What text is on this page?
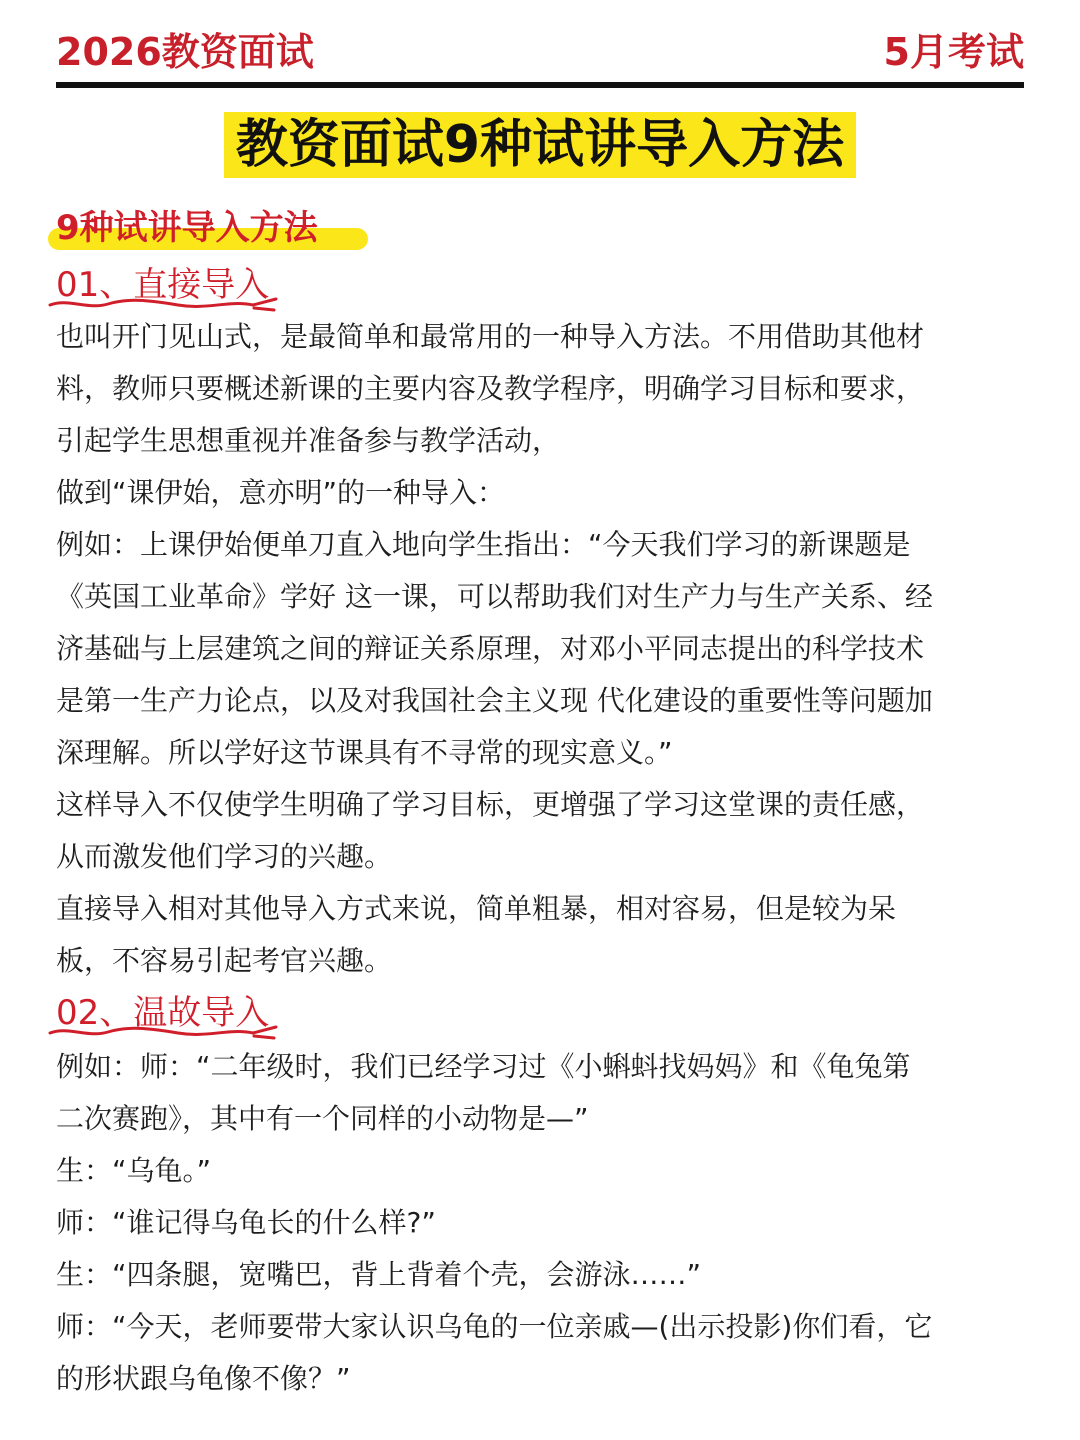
2026教资面试	5月考试
教资面试9种试讲导入方法
9种试讲导入方法
01、直接导入
也叫开门见山式，是最简单和最常用的一种导入方法。不用借助其他材
料，教师只要概述新课的主要内容及教学程序，明确学习目标和要求，
引起学生思想重视并准备参与教学活动，
做到“课伊始，意亦明”的一种导入：
例如：上课伊始便单刀直入地向学生指出：“今天我们学习的新课题是
《英国工业革命》学好 这一课，可以帮助我们对生产力与生产关系、经
济基础与上层建筑之间的辩证关系原理，对邓小平同志提出的科学技术
是第一生产力论点，以及对我国社会主义现 代化建设的重要性等问题加
深理解。所以学好这节课具有不寻常的现实意义。”
这样导入不仅使学生明确了学习目标，更增强了学习这堂课的责任感，
从而激发他们学习的兴趣。
直接导入相对其他导入方式来说，简单粗暴，相对容易，但是较为呆
板，不容易引起考官兴趣。
02、温故导入
例如：师：“二年级时，我们已经学习过《小蝌蚪找妈妈》和《龟兔第
二次赛跑》，其中有一个同样的小动物是—”
生：“乌龟。”
师：“谁记得乌龟长的什么样?”
生：“四条腿，宽嘴巴，背上背着个壳，会游泳……”
师：“今天，老师要带大家认识乌龟的一位亲戚—(出示投影)你们看，它
的形状跟乌龟像不像？”
